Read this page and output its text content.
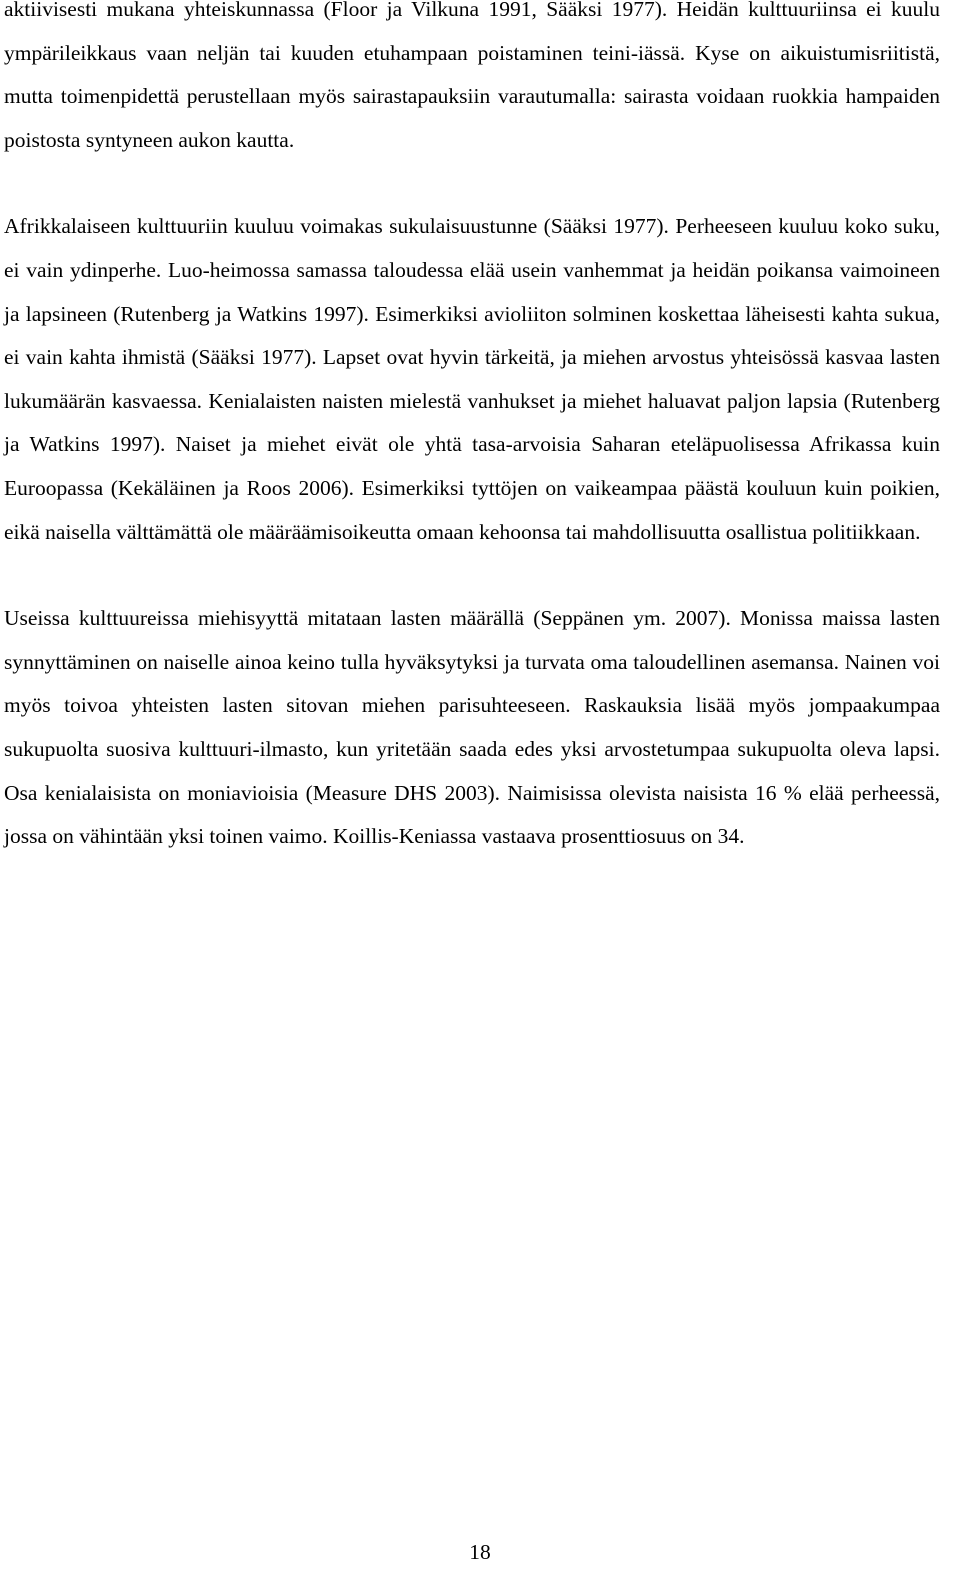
aktiivisesti mukana yhteiskunnassa (Floor ja Vilkuna 1991, Sääksi 1977). Heidän kulttuuriinsa ei kuulu ympärileikkaus vaan neljän tai kuuden etuhampaan poistaminen teini-iässä. Kyse on aikuistumisriitistä, mutta toimenpidettä perustellaan myös sairastapauksiin varautumalla: sairasta voidaan ruokkia hampaiden poistosta syntyneen aukon kautta.

Afrikkalaiseen kulttuuriin kuuluu voimakas sukulaisuustunne (Sääksi 1977). Perheeseen kuuluu koko suku, ei vain ydinperhe. Luo-heimossa samassa taloudessa elää usein vanhemmat ja heidän poikansa vaimoineen ja lapsineen (Rutenberg ja Watkins 1997). Esimerkiksi avioliiton solminen koskettaa läheisesti kahta sukua, ei vain kahta ihmistä (Sääksi 1977). Lapset ovat hyvin tärkeitä, ja miehen arvostus yhteisössä kasvaa lasten lukumäärän kasvaessa. Kenialaisten naisten mielestä vanhukset ja miehet haluavat paljon lapsia (Rutenberg ja Watkins 1997). Naiset ja miehet eivät ole yhtä tasa-arvoisia Saharan eteläpuolisessa Afrikassa kuin Euroopassa (Kekäläinen ja Roos 2006). Esimerkiksi tyttöjen on vaikeampaa päästä kouluun kuin poikien, eikä naisella välttämättä ole määräämisoikeutta omaan kehoonsa tai mahdollisuutta osallistua politiikkaan.

Useissa kulttuureissa miehisyyttä mitataan lasten määrällä (Seppänen ym. 2007). Monissa maissa lasten synnyttäminen on naiselle ainoa keino tulla hyväksytyksi ja turvata oma taloudellinen asemansa. Nainen voi myös toivoa yhteisten lasten sitovan miehen parisuhteeseen. Raskauksia lisää myös jompaakumpaa sukupuolta suosiva kulttuuri-ilmasto, kun yritetään saada edes yksi arvostetumpaa sukupuolta oleva lapsi. Osa kenialaisista on moniavioisia (Measure DHS 2003). Naimisissa olevista naisista 16 % elää perheessä, jossa on vähintään yksi toinen vaimo. Koillis-Keniassa vastaava prosenttiosuus on 34.

18
